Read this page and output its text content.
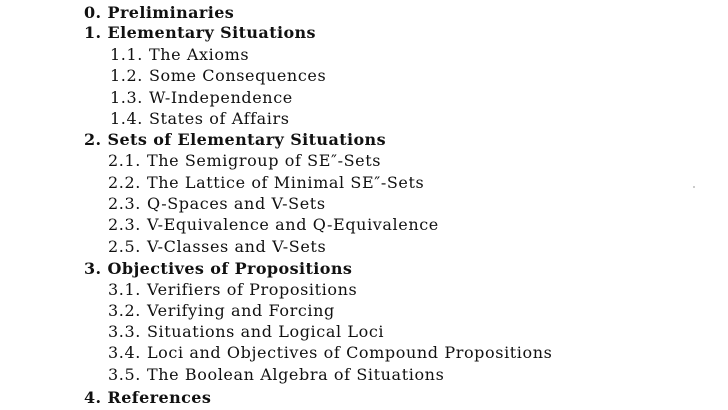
0. Preliminaries
1. Elementary Situations
1.1. The Axioms
1.2. Some Consequences
1.3. W-Independence
1.4. States of Affairs
2. Sets of Elementary Situations
2.1. The Semigroup of SE″-Sets
2.2. The Lattice of Minimal SE″-Sets
2.3. Q-Spaces and V-Sets
2.3. V-Equivalence and Q-Equivalence
2.5. V-Classes and V-Sets
3. Objectives of Propositions
3.1. Verifiers of Propositions
3.2. Verifying and Forcing
3.3. Situations and Logical Loci
3.4. Loci and Objectives of Compound Propositions
3.5. The Boolean Algebra of Situations
4. References
